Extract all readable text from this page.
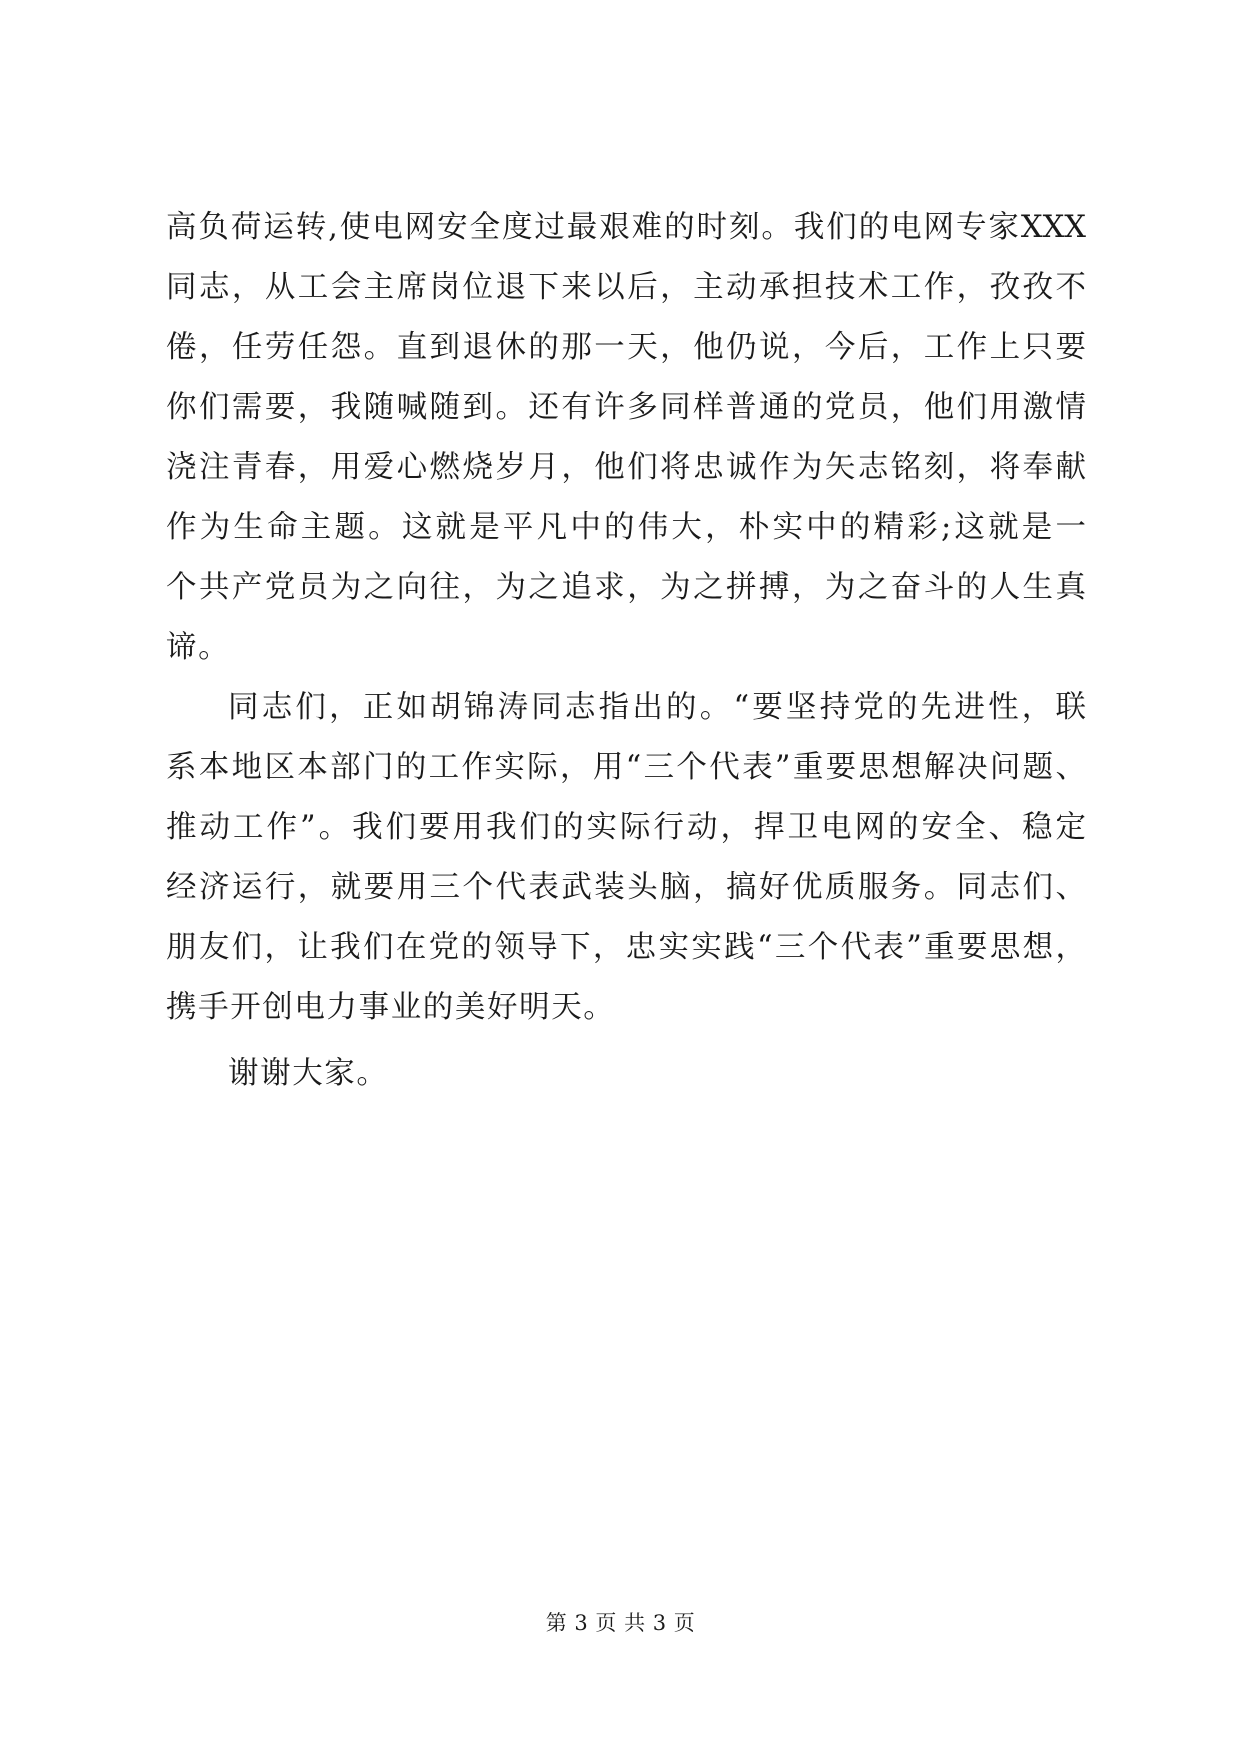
高负荷运转,使电网安全度过最艰难的时刻。我们的电网专家XXX
同志，从工会主席岗位退下来以后，主动承担技术工作，孜孜不
倦，任劳任怨。直到退休的那一天，他仍说，今后，工作上只要
你们需要，我随喊随到。还有许多同样普通的党员，他们用激情
浇注青春，用爱心燃烧岁月，他们将忠诚作为矢志铭刻，将奉献
作为生命主题。这就是平凡中的伟大，朴实中的精彩;这就是一
个共产党员为之向往，为之追求，为之拼搏，为之奋斗的人生真
谛。
同志们，正如胡锦涛同志指出的。“要坚持党的先进性，联
系本地区本部门的工作实际，用“三个代表”重要思想解决问题、
推动工作”。我们要用我们的实际行动，捍卫电网的安全、稳定
经济运行，就要用三个代表武装头脑，搞好优质服务。同志们、
朋友们，让我们在党的领导下，忠实实践“三个代表”重要思想，
携手开创电力事业的美好明天。
谢谢大家。
第 3 页 共 3 页
